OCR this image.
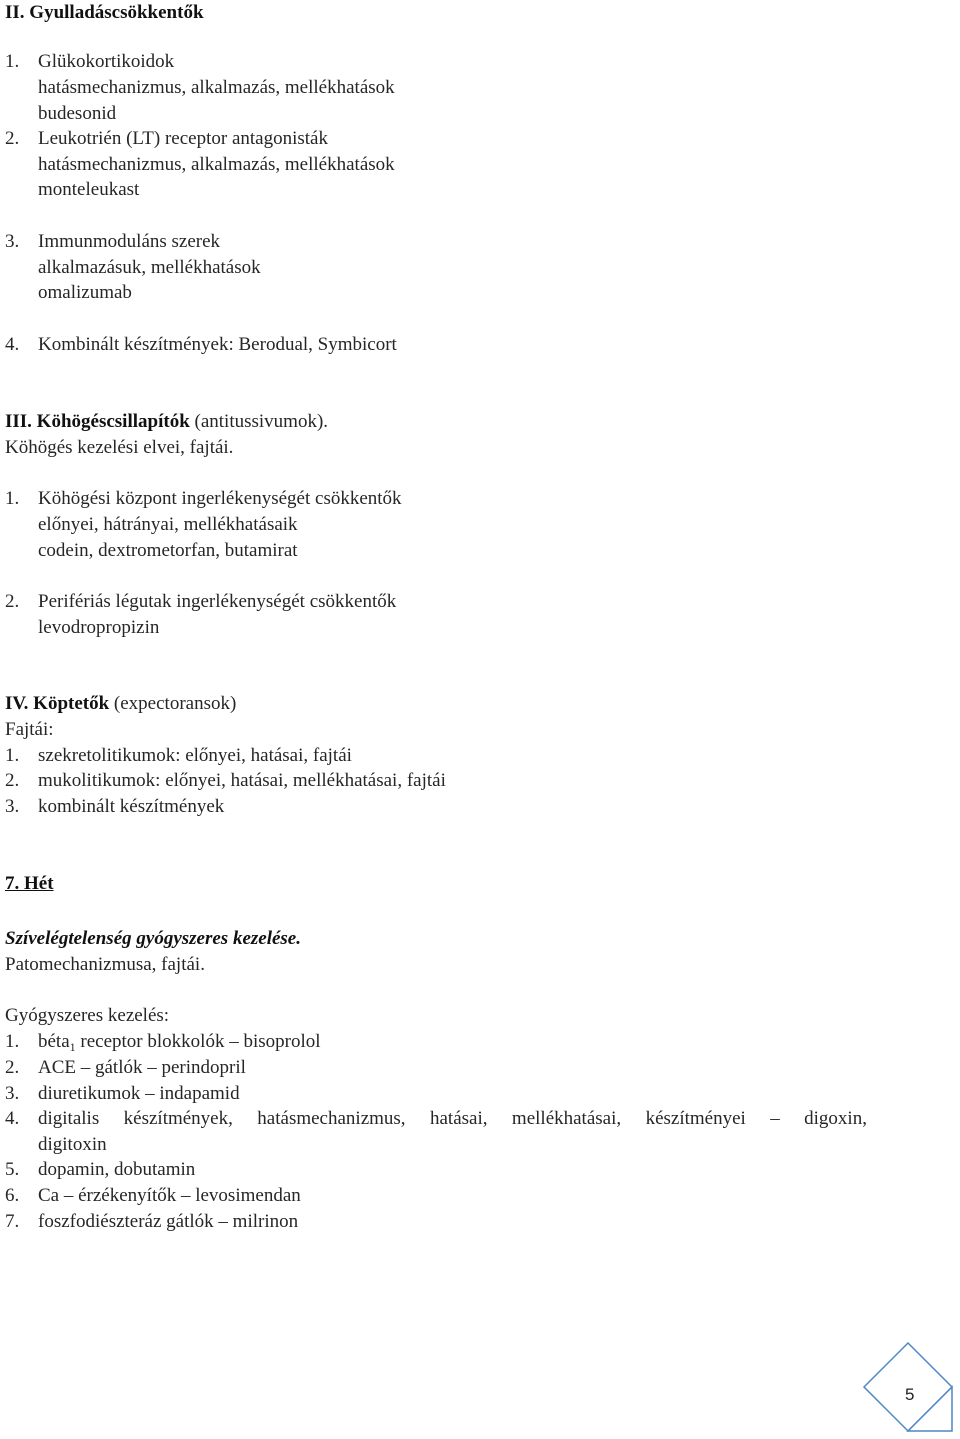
II. Gyulladáscsökkentők
1. Glükokortikoidok
hatásmechanizmus, alkalmazás, mellékhatások
budesonid
2. Leukotrién (LT) receptor antagonisták
hatásmechanizmus, alkalmazás, mellékhatások
monteleukast
3. Immunmoduláns szerek
alkalmazásuk, mellékhatások
omalizumab
4. Kombinált készítmények: Berodual, Symbicort
III. Köhögéscsillapítók (antitussivumok).
Köhögés kezelési elvei, fajtái.
1. Köhögési központ ingerlékenységét csökkentők
előnyei, hátrányai, mellékhatásaik
codein, dextrometorfan, butamirat
2. Perifériás légutak ingerlékenységét csökkentők
levodropropizin
IV. Köptetők (expectoransok)
Fajtái:
1. szekretolitikumok: előnyei, hatásai, fajtái
2. mukolitikumok: előnyei, hatásai, mellékhatásai, fajtái
3. kombinált készítmények
7. Hét
Szívelégtelenség gyógyszeres kezelése.
Patomechanizmusa, fajtái.
Gyógyszeres kezelés:
1. béta$_1$ receptor blokkolók – bisoprolol
2. ACE – gátlók – perindopril
3. diuretikumok – indapamid
4. digitalis készítmények, hatásmechanizmus, hatásai, mellékhatásai, készítményei – digoxin,
digitoxin
5. dopamin, dobutamin
6. Ca – érzékenyítők – levosimendan
7. foszfodiészteráz gátlók – milrinon
5
